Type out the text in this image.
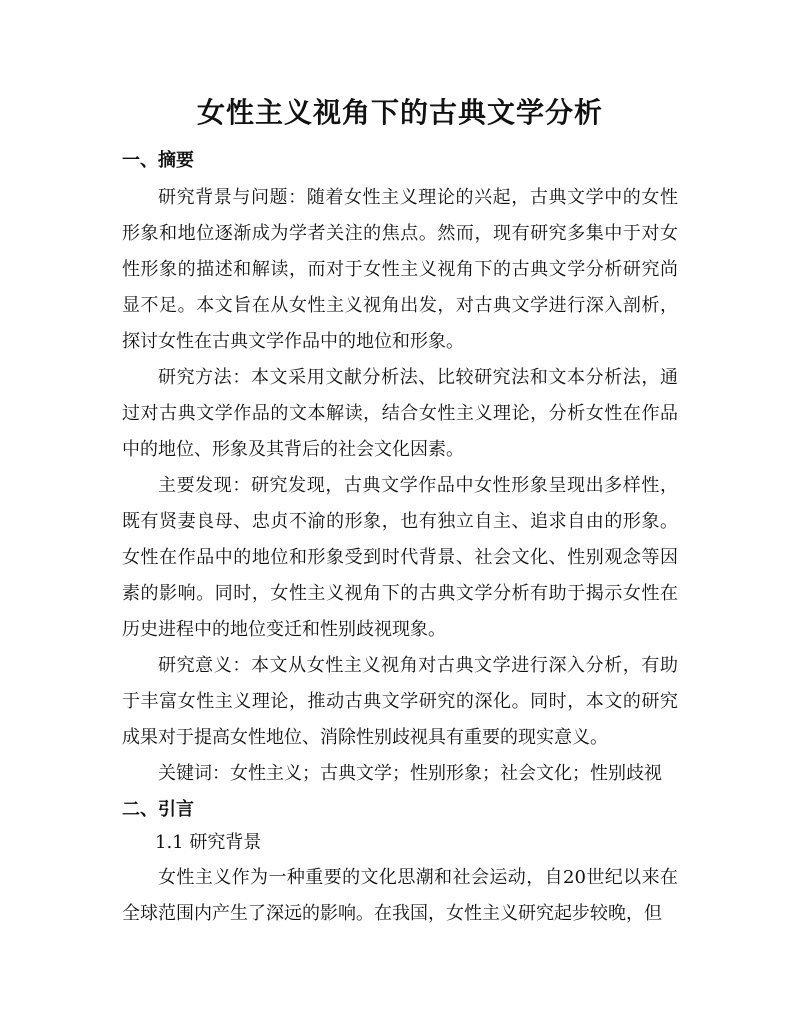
女性主义视角下的古典文学分析
一、摘要

研究背景与问题：随着女性主义理论的兴起，古典文学中的女性形象和地位逐渐成为学者关注的焦点。然而，现有研究多集中于对女性形象的描述和解读，而对于女性主义视角下的古典文学分析研究尚显不足。本文旨在从女性主义视角出发，对古典文学进行深入剖析，探讨女性在古典文学作品中的地位和形象。

研究方法：本文采用文献分析法、比较研究法和文本分析法，通过对古典文学作品的文本解读，结合女性主义理论，分析女性在作品中的地位、形象及其背后的社会文化因素。

主要发现：研究发现，古典文学作品中女性形象呈现出多样性，既有贤妻良母、忠贞不渝的形象，也有独立自主、追求自由的形象。女性在作品中的地位和形象受到时代背景、社会文化、性别观念等因素的影响。同时，女性主义视角下的古典文学分析有助于揭示女性在历史进程中的地位变迁和性别歧视现象。

研究意义：本文从女性主义视角对古典文学进行深入分析，有助于丰富女性主义理论，推动古典文学研究的深化。同时，本文的研究成果对于提高女性地位、消除性别歧视具有重要的现实意义。

关键词：女性主义；古典文学；性别形象；社会文化；性别歧视

二、引言
1.1 研究背景

女性主义作为一种重要的文化思潮和社会运动，自20世纪以来在全球范围内产生了深远的影响。在我国，女性主义研究起步较晚，但
